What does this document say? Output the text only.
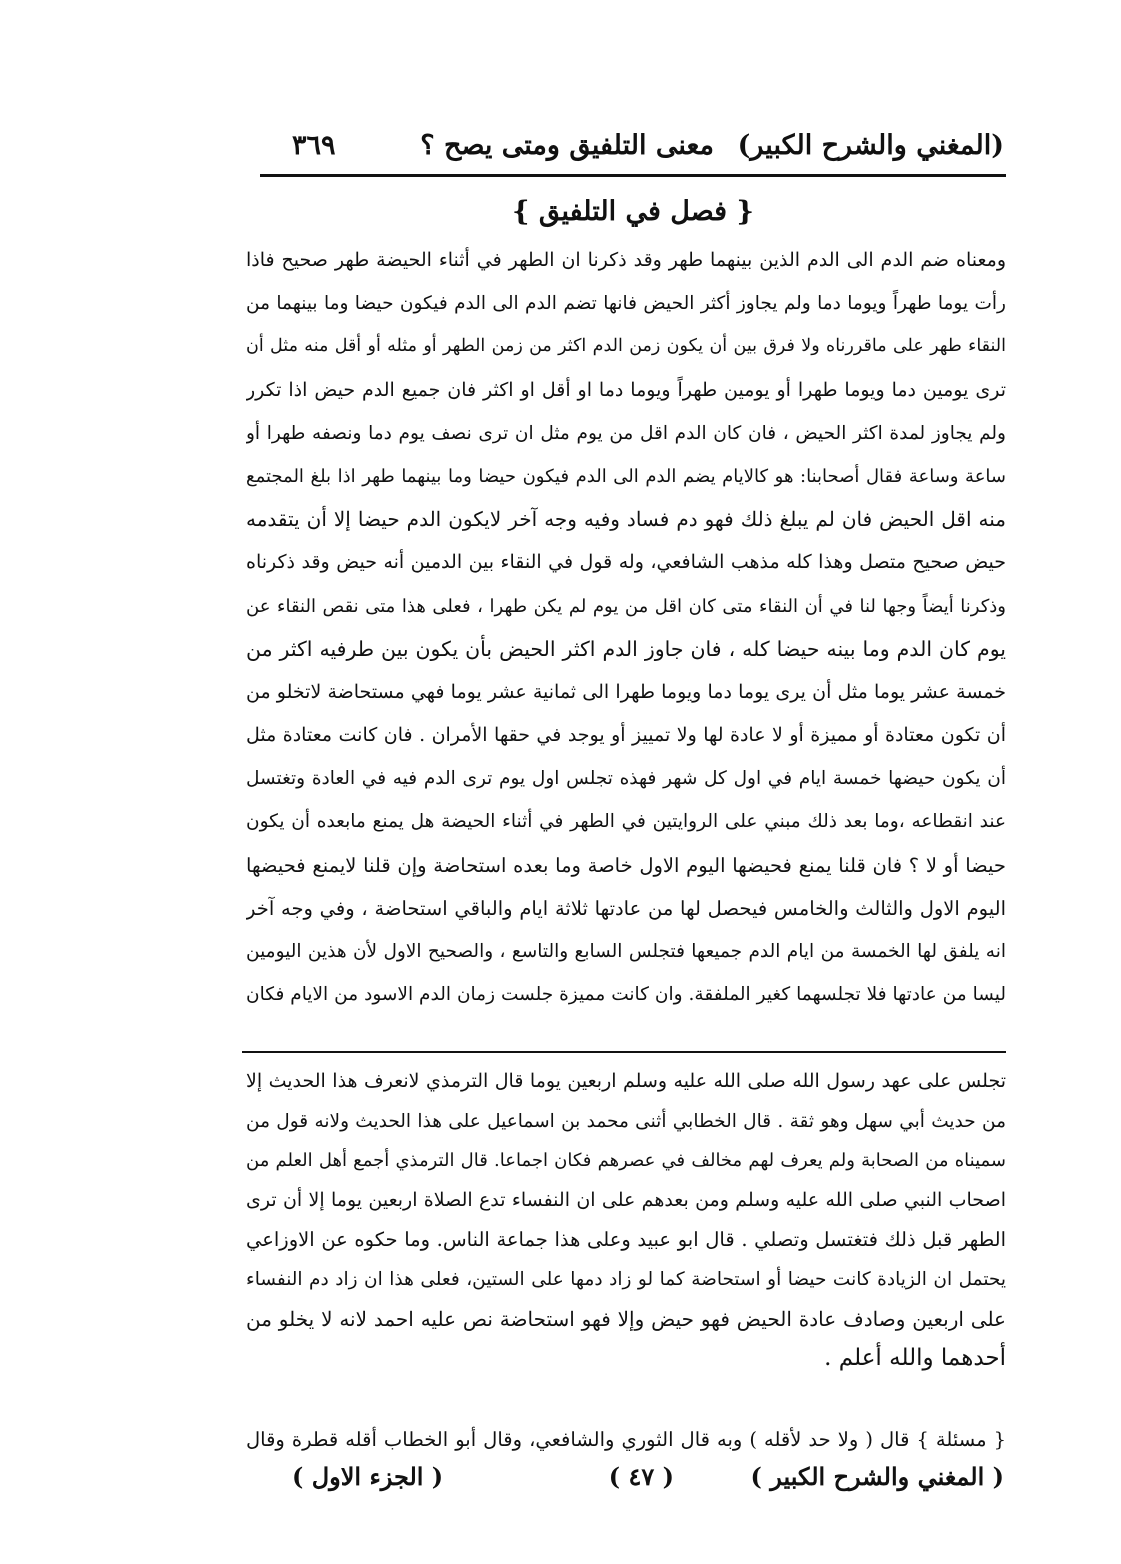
(المغني والشرح الكبير)
معنى التلفيق ومتى يصح ؟
٣٦٩
{ فصل في التلفيق }
ومعناه ضم الدم الى الدم الذين بينهما طهر وقد ذكرنا ان الطهر في أثناء الحيضة طهر صحيح فاذا
رأت يوما طهراً ويوما دما ولم يجاوز أكثر الحيض فانها تضم الدم الى الدم فيكون حيضا وما بينهما من
النقاء طهر على ماقررناه ولا فرق بين أن يكون زمن الدم اكثر من زمن الطهر أو مثله أو أقل منه مثل أن
ترى يومين دما ويوما طهرا أو يومين طهراً ويوما دما او أقل او اكثر فان جميع الدم حيض اذا تكرر
ولم يجاوز لمدة اكثر الحيض ، فان كان الدم اقل من يوم مثل ان ترى نصف يوم دما ونصفه طهرا أو
ساعة وساعة فقال أصحابنا: هو كالايام يضم الدم الى الدم فيكون حيضا وما بينهما طهر اذا بلغ المجتمع
منه اقل الحيض فان لم يبلغ ذلك فهو دم فساد وفيه وجه آخر لايكون الدم حيضا إلا أن يتقدمه
حيض صحيح متصل وهذا كله مذهب الشافعي، وله قول في النقاء بين الدمين أنه حيض وقد ذكرناه
وذكرنا أيضاً وجها لنا في أن النقاء متى كان اقل من يوم لم يكن طهرا ، فعلى هذا متى نقص النقاء عن
يوم كان الدم وما بينه حيضا كله ، فان جاوز الدم اكثر الحيض بأن يكون بين طرفيه اكثر من
خمسة عشر يوما مثل أن يرى يوما دما ويوما طهرا الى ثمانية عشر يوما فهي مستحاضة لاتخلو من
أن تكون معتادة أو مميزة أو لا عادة لها ولا تمييز أو يوجد في حقها الأمران . فان كانت معتادة مثل
أن يكون حيضها خمسة ايام في اول كل شهر فهذه تجلس اول يوم ترى الدم فيه في العادة وتغتسل
عند انقطاعه ،وما بعد ذلك مبني على الروايتين في الطهر في أثناء الحيضة هل يمنع مابعده أن يكون
حيضا أو لا ؟ فان قلنا يمنع فحيضها اليوم الاول خاصة وما بعده استحاضة وإن قلنا لايمنع فحيضها
اليوم الاول والثالث والخامس فيحصل لها من عادتها ثلاثة ايام والباقي استحاضة ، وفي وجه آخر
انه يلفق لها الخمسة من ايام الدم جميعها فتجلس السابع والتاسع ، والصحيح الاول لأن هذين اليومين
ليسا من عادتها فلا تجلسهما كغير الملفقة. وان كانت مميزة جلست زمان الدم الاسود من الايام فكان
تجلس على عهد رسول الله صلى الله عليه وسلم اربعين يوما قال الترمذي لانعرف هذا الحديث إلا
من حديث أبي سهل وهو ثقة . قال الخطابي أثنى محمد بن اسماعيل على هذا الحديث ولانه قول من
سميناه من الصحابة ولم يعرف لهم مخالف في عصرهم فكان اجماعا. قال الترمذي أجمع أهل العلم من
اصحاب النبي صلى الله عليه وسلم ومن بعدهم على ان النفساء تدع الصلاة اربعين يوما إلا أن ترى
الطهر قبل ذلك فتغتسل وتصلي . قال ابو عبيد وعلى هذا جماعة الناس. وما حكوه عن الاوزاعي
يحتمل ان الزيادة كانت حيضا أو استحاضة كما لو زاد دمها على الستين، فعلى هذا ان زاد دم النفساء
على اربعين وصادف عادة الحيض فهو حيض وإلا فهو استحاضة نص عليه احمد لانه لا يخلو من
أحدهما والله أعلم .
{ مسئلة } قال ( ولا حد لأقله ) وبه قال الثوري والشافعي، وقال أبو الخطاب أقله قطرة وقال
( المغني والشرح الكبير )
( ٤٧ )
( الجزء الاول )
